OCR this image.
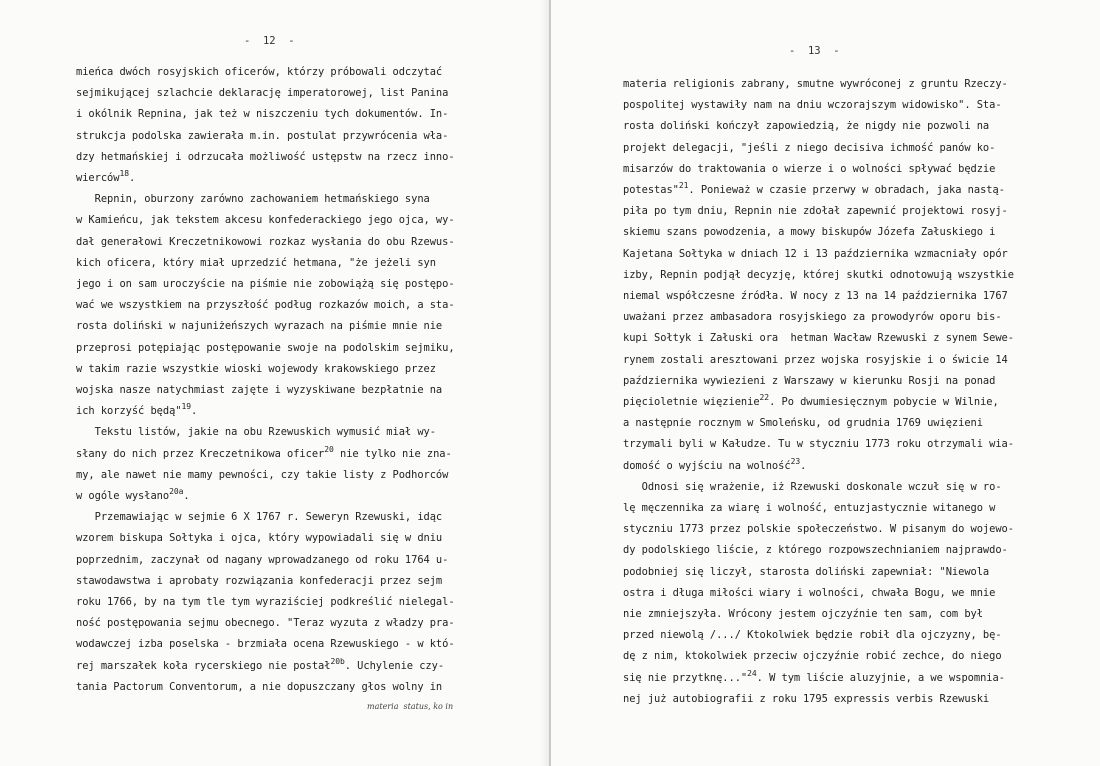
-  12  -
mieńca dwóch rosyjskich oficerów, którzy próbowali odczytać
sejmikującej szlachcie deklarację imperatorowej, list Panina
i okólnik Repnina, jak też w niszczeniu tych dokumentów. In-
strukcja podolska zawierała m.in. postulat przywrócenia wła-
dzy hetmańskiej i odrzucała możliwość ustępstw na rzecz inno-
wierców$^{18}$.
Repnin, oburzony zarówno zachowaniem hetmańskiego syna
w Kamieńcu, jak tekstem akcesu konfederackiego jego ojca, wy-
dał generałowi Kreczetnikowowi rozkaz wysłania do obu Rzewus-
kich oficera, który miał uprzedzić hetmana, "że jeżeli syn
jego i on sam uroczyście na piśmie nie zobowiążą się postępo-
wać we wszystkiem na przyszłość podług rozkazów moich, a sta-
rosta doliński w najuniżeńszych wyrazach na piśmie mnie nie
przeprosi potępiając postępowanie swoje na podolskim sejmiku,
w takim razie wszystkie wioski wojewody krakowskiego przez
wojska nasze natychmiast zajęte i wyzyskiwane bezpłatnie na
ich korzyść będą"$^{19}$.
Tekstu listów, jakie na obu Rzewuskich wymusić miał wy-
słany do nich przez Kreczetnikowa oficer$^{20}$ nie tylko nie zna-
my, ale nawet nie mamy pewności, czy takie listy z Podhorców
w ogóle wysłano$^{20a}$.
Przemawiając w sejmie 6 X 1767 r. Seweryn Rzewuski, idąc
wzorem biskupa Sołtyka i ojca, który wypowiadali się w dniu
poprzednim, zaczynał od nagany wprowadzanego od roku 1764 u-
stawodawstwa i aprobaty rozwiązania konfederacji przez sejm
roku 1766, by na tym tle tym wyraziściej podkreślić nielegal-
ność postępowania sejmu obecnego. "Teraz wyzuta z władzy pra-
wodawczej izba poselska - brzmiała ocena Rzewuskiego - w któ-
rej marszałek koła rycerskiego nie postał$^{20b}$. Uchylenie czy-
tania Pactorum Conventorum, a nie dopuszczany głos wolny in
materia  status, ko in
-  13  -
materia religionis zabrany, smutne wywróconej z gruntu Rzeczy-
pospolitej wystawiły nam na dniu wczorajszym widowisko". Sta-
rosta doliński kończył zapowiedzią, że nigdy nie pozwoli na
projekt delegacji, "jeśli z niego decisiva ichmość panów ko-
misarzów do traktowania o wierze i o wolności spływać będzie
potestas"$^{21}$. Ponieważ w czasie przerwy w obradach, jaka nastą-
piła po tym dniu, Repnin nie zdołał zapewnić projektowi rosyj-
skiemu szans powodzenia, a mowy biskupów Józefa Załuskiego i
Kajetana Sołtyka w dniach 12 i 13 października wzmacniały opór
izby, Repnin podjął decyzję, której skutki odnotowują wszystkie
niemal współczesne źródła. W nocy z 13 na 14 października 1767
uważani przez ambasadora rosyjskiego za prowodyrów oporu bis-
kupi Sołtyk i Załuski ora  hetman Wacław Rzewuski z synem Sewe-
rynem zostali aresztowani przez wojska rosyjskie i o świcie 14
października wywiezieni z Warszawy w kierunku Rosji na ponad
pięcioletnie więzienie$^{22}$. Po dwumiesięcznym pobycie w Wilnie,
a następnie rocznym w Smoleńsku, od grudnia 1769 uwięzieni
trzymali byli w Kałudze. Tu w styczniu 1773 roku otrzymali wia-
domość o wyjściu na wolność$^{23}$.
Odnosi się wrażenie, iż Rzewuski doskonale wczuł się w ro-
lę męczennika za wiarę i wolność, entuzjastycznie witanego w
styczniu 1773 przez polskie społeczeństwo. W pisanym do wojewo-
dy podolskiego liście, z którego rozpowszechnianiem najprawdo-
podobniej się liczył, starosta doliński zapewniał: "Niewola
ostra i długa miłości wiary i wolności, chwała Bogu, we mnie
nie zmniejszyła. Wrócony jestem ojczyźnie ten sam, com był
przed niewolą /.../ Ktokolwiek będzie robił dla ojczyzny, bę-
dę z nim, ktokolwiek przeciw ojczyźnie robić zechce, do niego
się nie przytknę..."$^{24}$. W tym liście aluzyjnie, a we wspomnia-
nej już autobiografii z roku 1795 expressis verbis Rzewuski
